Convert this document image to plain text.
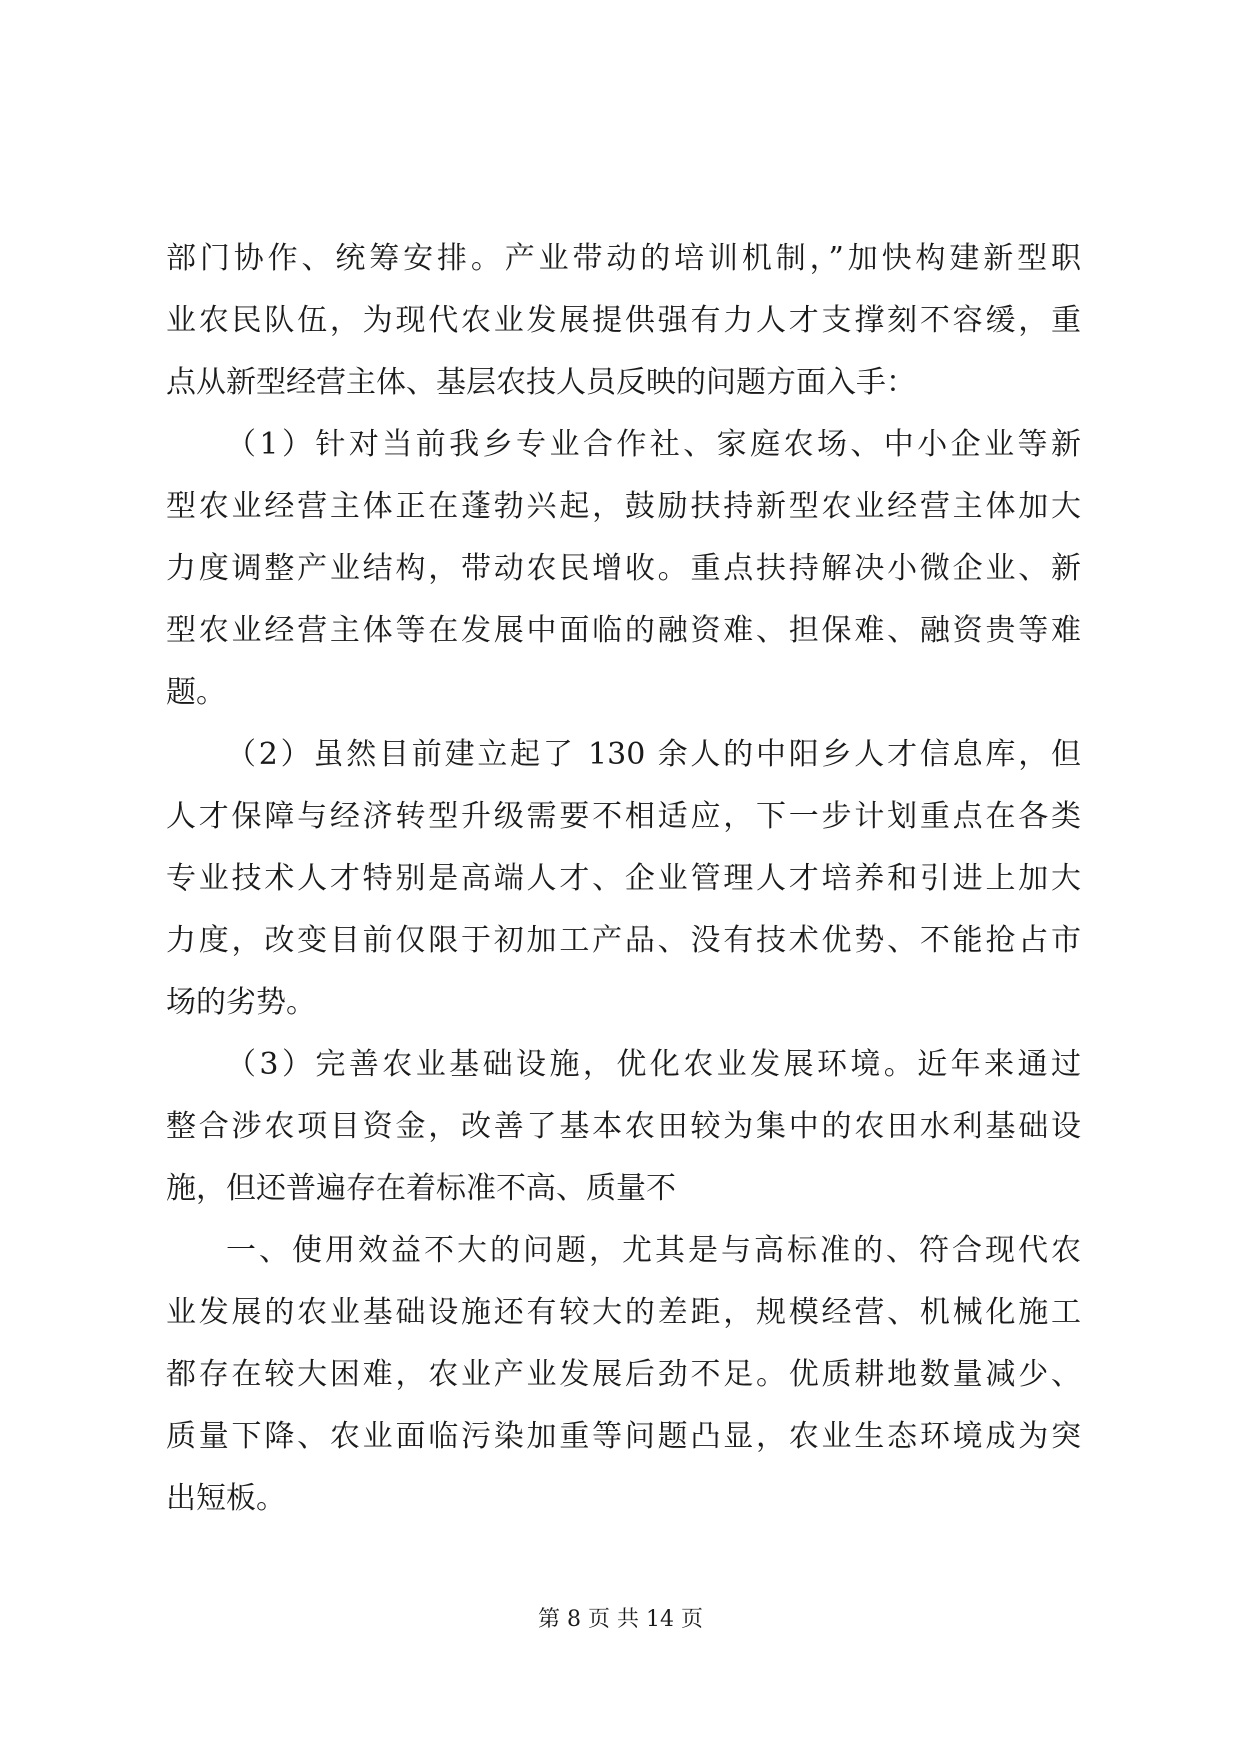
部门协作、统筹安排。产业带动的培训机制，”加快构建新型职
业农民队伍，为现代农业发展提供强有力人才支撑刻不容缓，重
点从新型经营主体、基层农技人员反映的问题方面入手：
（1）针对当前我乡专业合作社、家庭农场、中小企业等新
型农业经营主体正在蓬勃兴起，鼓励扶持新型农业经营主体加大
力度调整产业结构，带动农民增收。重点扶持解决小微企业、新
型农业经营主体等在发展中面临的融资难、担保难、融资贵等难
题。
（2）虽然目前建立起了 130 余人的中阳乡人才信息库，但
人才保障与经济转型升级需要不相适应，下一步计划重点在各类
专业技术人才特别是高端人才、企业管理人才培养和引进上加大
力度，改变目前仅限于初加工产品、没有技术优势、不能抢占市
场的劣势。
（3）完善农业基础设施，优化农业发展环境。近年来通过
整合涉农项目资金，改善了基本农田较为集中的农田水利基础设
施，但还普遍存在着标准不高、质量不
一、使用效益不大的问题，尤其是与高标准的、符合现代农
业发展的农业基础设施还有较大的差距，规模经营、机械化施工
都存在较大困难，农业产业发展后劲不足。优质耕地数量减少、
质量下降、农业面临污染加重等问题凸显，农业生态环境成为突
出短板。
第 8 页 共 14 页
